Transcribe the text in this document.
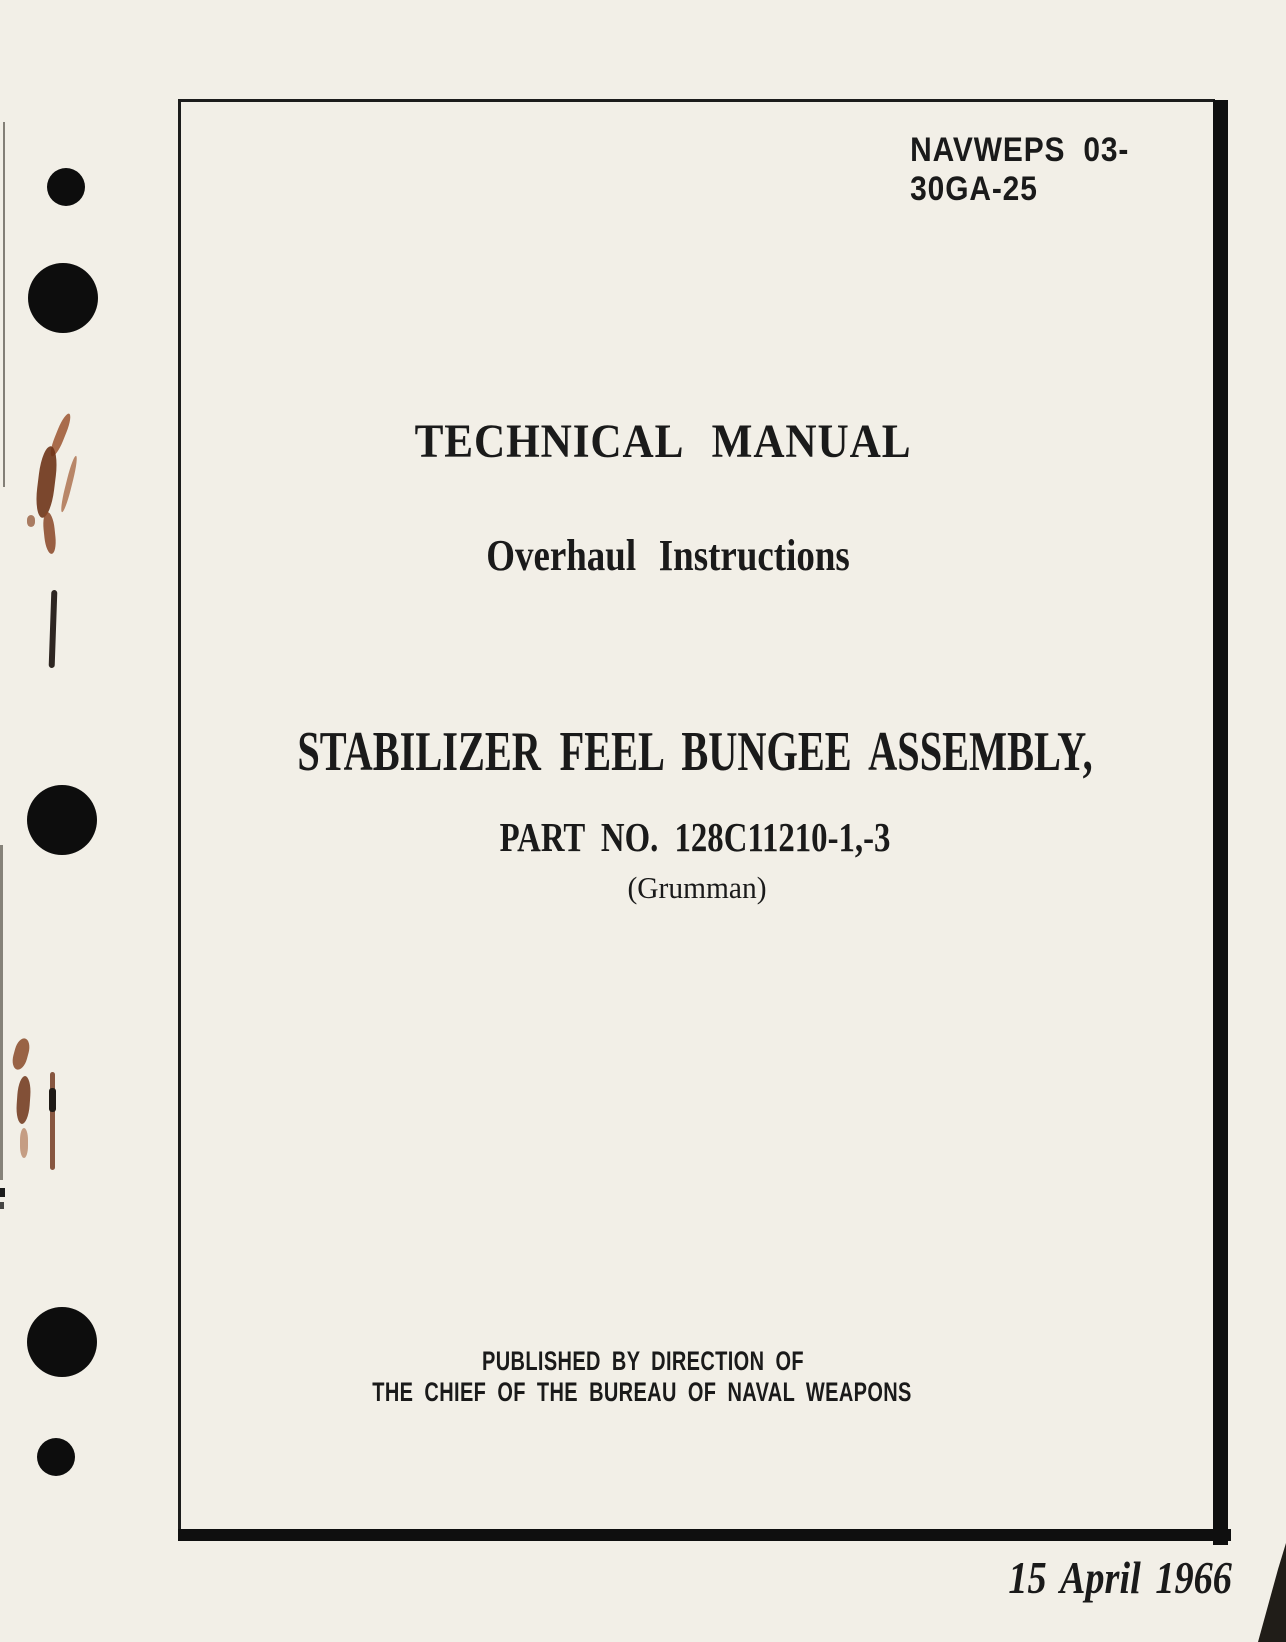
NAVWEPS 03-30GA-25
TECHNICAL MANUAL
Overhaul Instructions
STABILIZER FEEL BUNGEE ASSEMBLY,
PART NO. 128C11210-1,-3
(Grumman)
PUBLISHED BY DIRECTION OF
THE CHIEF OF THE BUREAU OF NAVAL WEAPONS
15 April 1966
